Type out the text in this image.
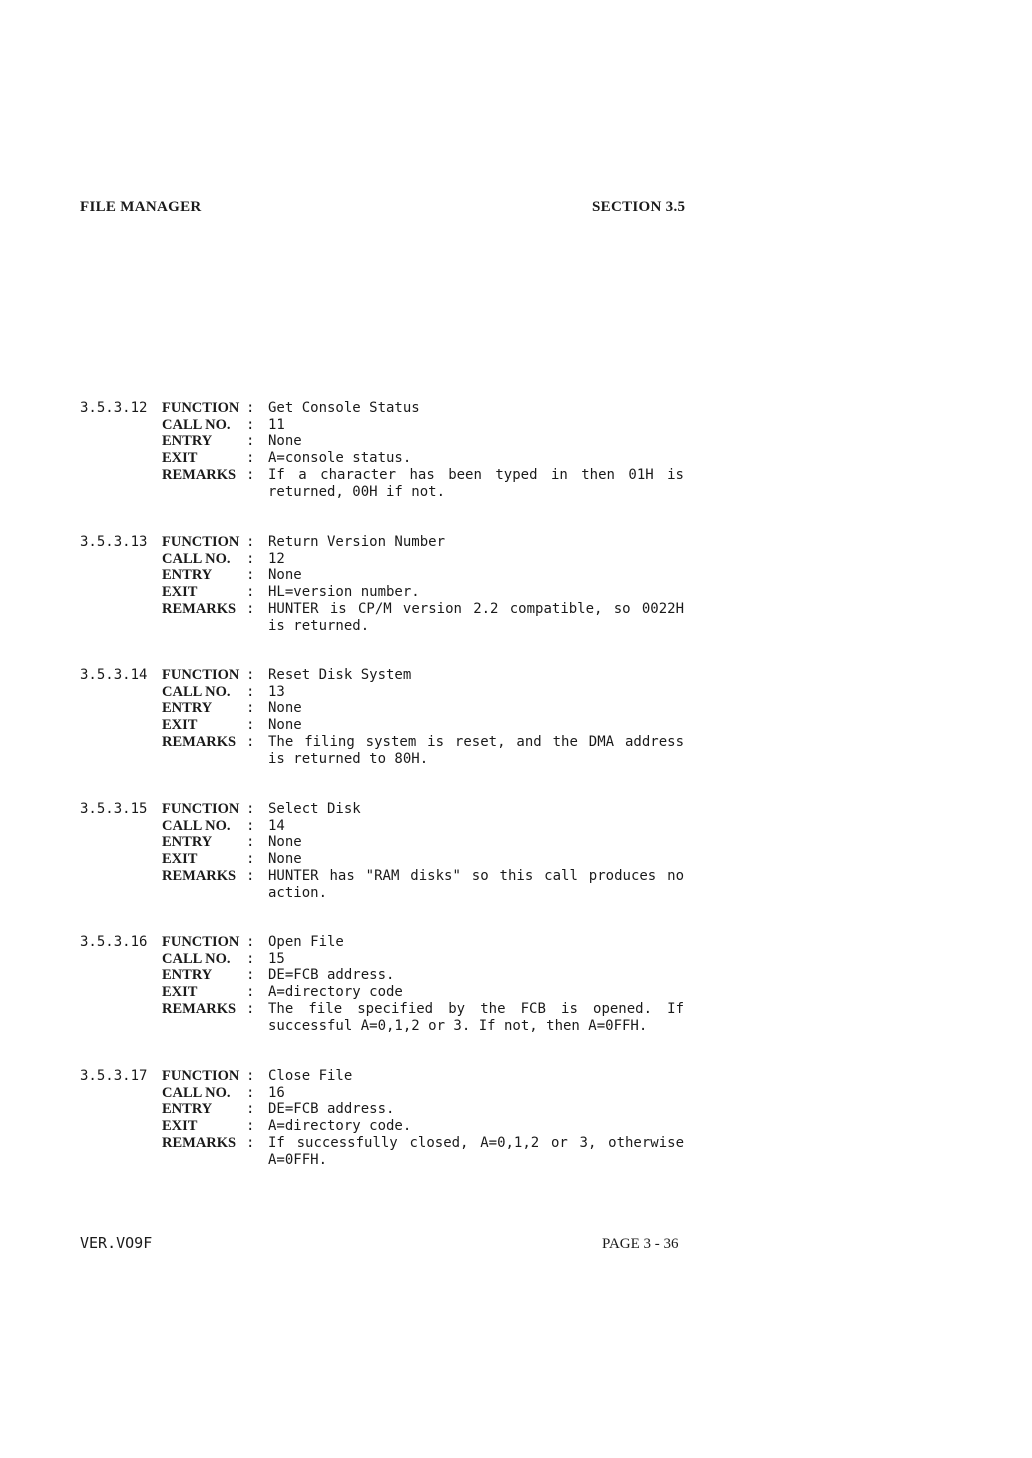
FILE MANAGER	SECTION 3.5
3.5.3.12 FUNCTION : Get Console Status
CALL NO.	: 11
ENTRY	: None
EXIT	: A=console status.
REMARKS : If a character has been typed in then 01H is returned, 00H if not.
3.5.3.13 FUNCTION : Return Version Number
CALL NO.	: 12
ENTRY	: None
EXIT	: HL=version number.
REMARKS : HUNTER is CP/M version 2.2 compatible, so 0022H is returned.
3.5.3.14 FUNCTION : Reset Disk System
CALL NO.	: 13
ENTRY	: None
EXIT	: None
REMARKS : The filing system is reset, and the DMA address is returned to 80H.
3.5.3.15 FUNCTION : Select Disk
CALL NO.	: 14
ENTRY	: None
EXIT	: None
REMARKS : HUNTER has "RAM disks" so this call produces no action.
3.5.3.16 FUNCTION : Open File
CALL NO.	: 15
ENTRY	: DE=FCB address.
EXIT	: A=directory code
REMARKS : The file specified by the FCB is opened. If successful A=0,1,2 or 3. If not, then A=0FFH.
3.5.3.17 FUNCTION : Close File
CALL NO.	: 16
ENTRY	: DE=FCB address.
EXIT	: A=directory code.
REMARKS : If successfully closed, A=0,1,2 or 3, otherwise A=0FFH.
VER.VO9F	PAGE 3 - 36
